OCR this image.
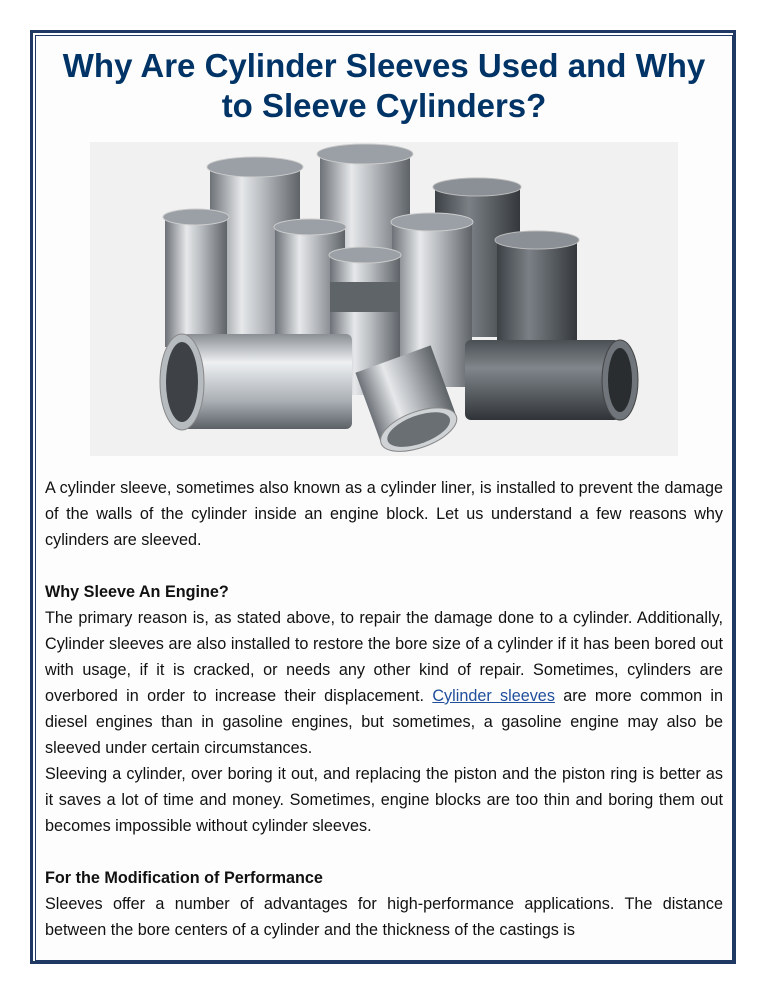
Why Are Cylinder Sleeves Used and Why to Sleeve Cylinders?

A cylinder sleeve, sometimes also known as a cylinder liner, is installed to prevent the damage of the walls of the cylinder inside an engine block. Let us understand a few reasons why cylinders are sleeved.

Why Sleeve An Engine?

The primary reason is, as stated above, to repair the damage done to a cylinder. Additionally, Cylinder sleeves are also installed to restore the bore size of a cylinder if it has been bored out with usage, if it is cracked, or needs any other kind of repair. Sometimes, cylinders are overbored in order to increase their displacement. Cylinder sleeves are more common in diesel engines than in gasoline engines, but sometimes, a gasoline engine may also be sleeved under certain circumstances.

Sleeving a cylinder, over boring it out, and replacing the piston and the piston ring is better as it saves a lot of time and money. Sometimes, engine blocks are too thin and boring them out becomes impossible without cylinder sleeves.

For the Modification of Performance

Sleeves offer a number of advantages for high-performance applications. The distance between the bore centers of a cylinder and the thickness of the castings is
